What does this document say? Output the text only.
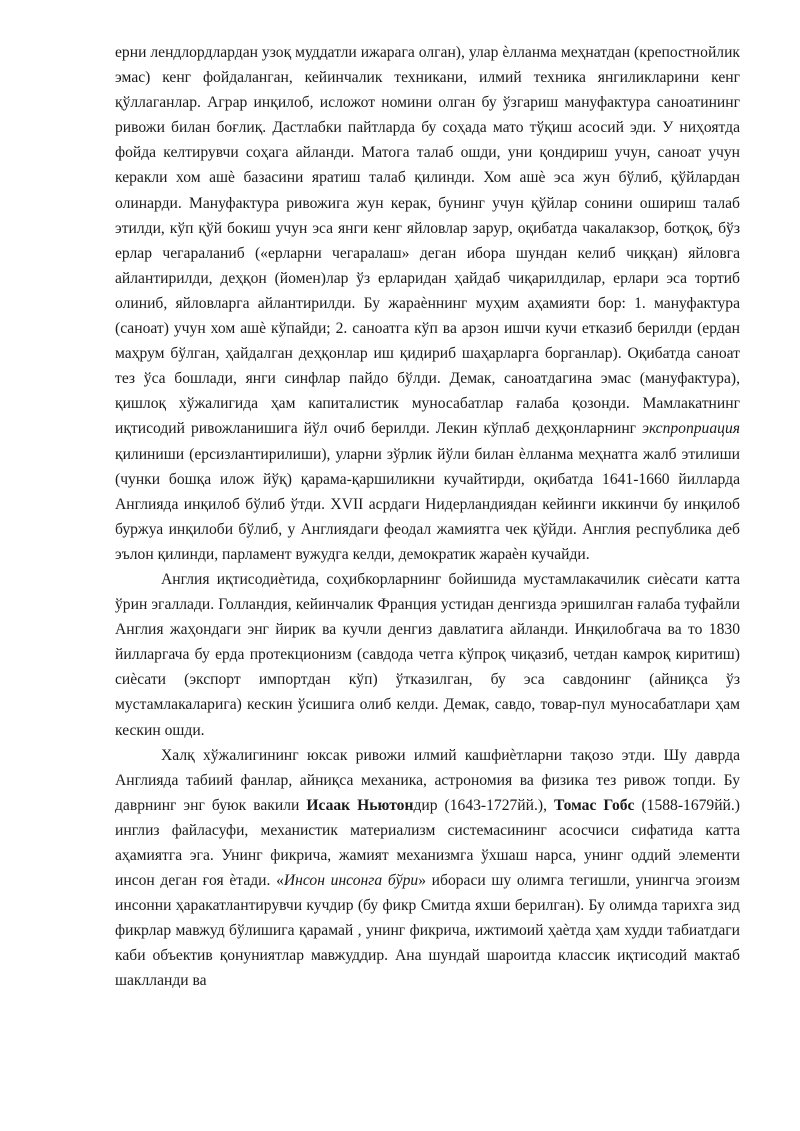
ерни лендлордлардан узоқ муддатли ижарага олган), улар ѐлланма меҳнатдан (крепостнойлик эмас) кенг фойдаланган, кейинчалик техникани, илмий техника янгиликларини кенг қўллаганлар. Аграр инқилоб, исложот номини олган бу ўзгариш мануфактура саноатининг ривожи билан боғлиқ. Дастлабки пайтларда бу соҳада мато тўқиш асосий эди. У ниҳоятда фойда келтирувчи соҳага айланди. Матога талаб ошди, уни қондириш учун, саноат учун керакли хом ашѐ базасини яратиш талаб қилинди. Хом ашѐ эса жун бўлиб, қўйлардан олинарди. Мануфактура ривожига жун керак, бунинг учун қўйлар сонини ошириш талаб этилди, кўп қўй бокиш учун эса янги кенг яйловлар зарур, оқибатда чакалакзор, ботқоқ, бўз ерлар чегараланиб («ерларни чегаралаш» деган ибора шундан келиб чиққан) яйловга айлантирилди, деҳқон (йомен)лар ўз ерларидан ҳайдаб чиқарилдилар, ерлари эса тортиб олиниб, яйловларга айлантирилди. Бу жараѐннинг муҳим аҳамияти бор: 1. мануфактура (саноат) учун хом ашѐ кўпайди; 2. саноатга кўп ва арзон ишчи кучи етказиб берилди (ердан маҳрум бўлган, ҳайдалган деҳқонлар иш қидириб шаҳарларга борганлар). Оқибатда саноат тез ўса бошлади, янги синфлар пайдо бўлди. Демак, саноатдагина эмас (мануфактура), қишлоқ хўжалигида ҳам капиталистик муносабатлар ғалаба қозонди. Мамлакатнинг иқтисодий ривожланишига йўл очиб берилди. Лекин кўплаб деҳқонларнинг экспроприация қилиниши (ерсизлантирилиши), уларни зўрлик йўли билан ѐлланма меҳнатга жалб этилиши (чунки бошқа илож йўқ) қарама-қаршиликни кучайтирди, оқибатда 1641-1660 йилларда Англияда инқилоб бўлиб ўтди. XVII асрдаги Нидерландиядан кейинги иккинчи бу инқилоб буржуа инқилоби бўлиб, у Англиядаги феодал жамиятга чек қўйди. Англия республика деб эълон қилинди, парламент вужудга келди, демократик жараѐн кучайди.

Англия иқтисодиѐтида, соҳибкорларнинг бойишида мустамлакачилик сиѐсати катта ўрин эгаллади. Голландия, кейинчалик Франция устидан денгизда эришилган ғалаба туфайли Англия жаҳондаги энг йирик ва кучли денгиз давлатига айланди. Инқилобгача ва то 1830 йилларгача бу ерда протекционизм (савдода четга кўпроқ чиқазиб, четдан камроқ киритиш) сиѐсати (экспорт импортдан кўп) ўтказилган, бу эса савдонинг (айниқса ўз мустамлакаларига) кескин ўсишига олиб келди. Демак, савдо, товар-пул муносабатлари ҳам кескин ошди.

Халқ хўжалигининг юксак ривожи илмий кашфиѐтларни тақозо этди. Шу даврда Англияда табиий фанлар, айниқса механика, астрономия ва физика тез ривож топди. Бу даврнинг энг буюк вакили Исаак Ньютондир (1643-1727йй.), Томас Гобс (1588-1679йй.) инглиз файласуфи, механистик материализм системасининг асосчиси сифатида катта аҳамиятга эга. Унинг фикрича, жамият механизмга ўхшаш нарса, унинг оддий элементи инсон деган ғоя ѐтади. «Инсон инсонга бўри» ибораси шу олимга тегишли, унингча эгоизм инсонни ҳаракатлантирувчи кучдир (бу фикр Смитда яхши берилган). Бу олимда тарихга зид фикрлар мавжуд бўлишига қарамай , унинг фикрича, ижтимоий ҳаѐтда ҳам худди табиатдаги каби объектив қонуниятлар мавжуддир. Ана шундай шароитда классик иқтисодий мактаб шаклланди ва
